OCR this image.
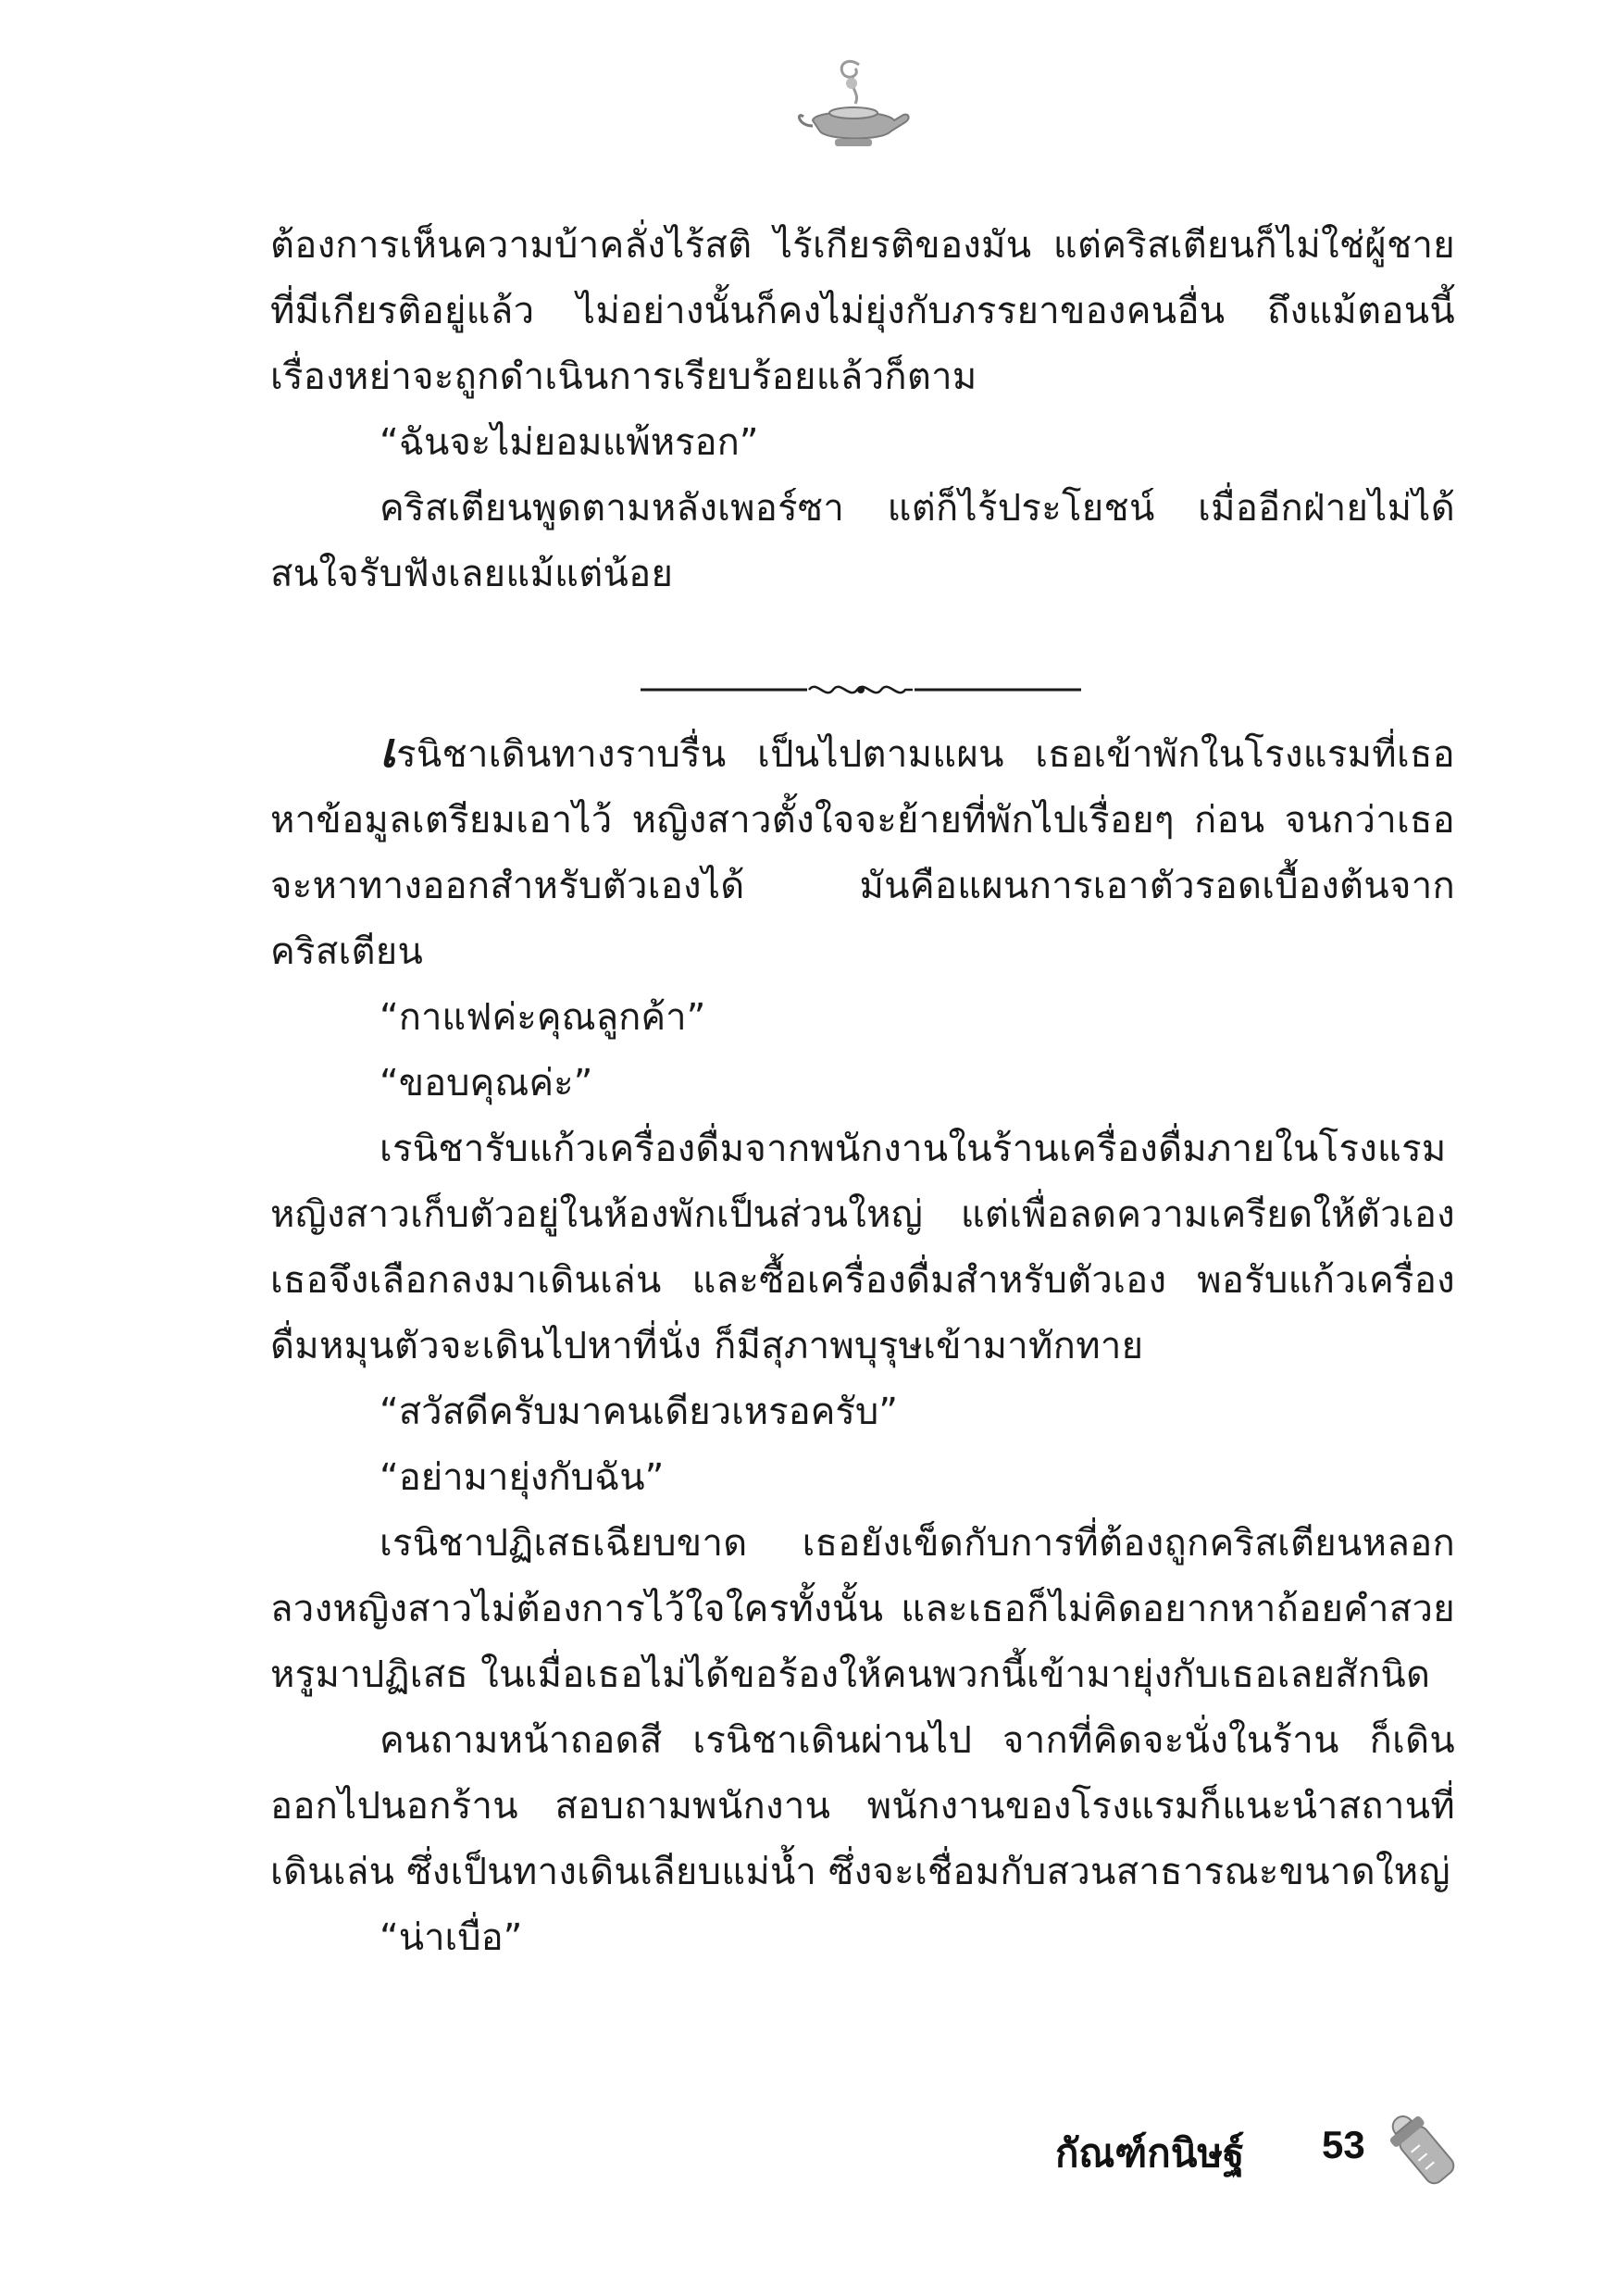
ต้องการเห็นความบ้าคลั่งไร้สติ ไร้เกียรติของมัน แต่คริสเตียนก็ไม่ใช่ผู้ชายที่มีเกียรติอยู่แล้ว ไม่อย่างนั้นก็คงไม่ยุ่งกับภรรยาของคนอื่น ถึงแม้ตอนนี้เรื่องหย่าจะถูกดำเนินการเรียบร้อยแล้วก็ตาม

“ฉันจะไม่ยอมแพ้หรอก”

คริสเตียนพูดตามหลังเพอร์ซา แต่ก็ไร้ประโยชน์ เมื่ออีกฝ่ายไม่ได้สนใจรับฟังเลยแม้แต่น้อย

เรนิชาเดินทางราบรื่น เป็นไปตามแผน เธอเข้าพักในโรงแรมที่เธอหาข้อมูลเตรียมเอาไว้ หญิงสาวตั้งใจจะย้ายที่พักไปเรื่อยๆ ก่อน จนกว่าเธอจะหาทางออกสำหรับตัวเองได้ มันคือแผนการเอาตัวรอดเบื้องต้นจากคริสเตียน

“กาแฟค่ะคุณลูกค้า”

“ขอบคุณค่ะ”

เรนิชารับแก้วเครื่องดื่มจากพนักงานในร้านเครื่องดื่มภายในโรงแรมหญิงสาวเก็บตัวอยู่ในห้องพักเป็นส่วนใหญ่ แต่เพื่อลดความเครียดให้ตัวเองเธอจึงเลือกลงมาเดินเล่น และซื้อเครื่องดื่มสำหรับตัวเอง พอรับแก้วเครื่องดื่มหมุนตัวจะเดินไปหาที่นั่ง ก็มีสุภาพบุรุษเข้ามาทักทาย

“สวัสดีครับมาคนเดียวเหรอครับ”

“อย่ามายุ่งกับฉัน”

เรนิชาปฏิเสธเฉียบขาด เธอยังเข็ดกับการที่ต้องถูกคริสเตียนหลอกลวงหญิงสาวไม่ต้องการไว้ใจใครทั้งนั้น และเธอก็ไม่คิดอยากหาถ้อยคำสวยหรูมาปฏิเสธ ในเมื่อเธอไม่ได้ขอร้องให้คนพวกนี้เข้ามายุ่งกับเธอเลยสักนิด

คนถามหน้าถอดสี เรนิชาเดินผ่านไป จากที่คิดจะนั่งในร้าน ก็เดินออกไปนอกร้าน สอบถามพนักงาน พนักงานของโรงแรมก็แนะนำสถานที่เดินเล่น ซึ่งเป็นทางเดินเลียบแม่น้ำ ซึ่งจะเชื่อมกับสวนสาธารณะขนาดใหญ่

“น่าเบื่อ”

กัณฑ์กนิษฐ์ 53
